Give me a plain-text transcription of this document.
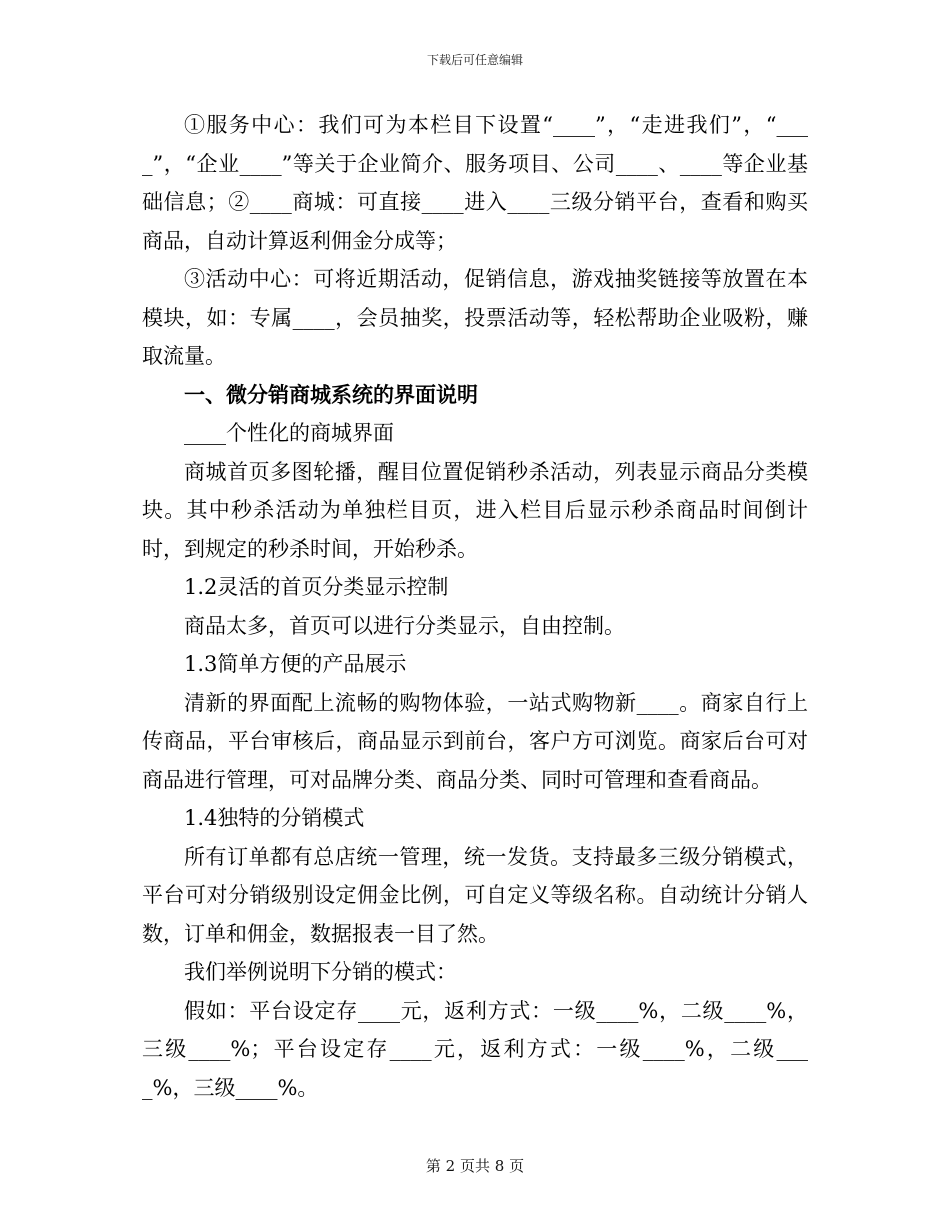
下载后可任意编辑

①服务中心：我们可为本栏目下设置“____”，“走进我们”，“____”，“企业____”等关于企业简介、服务项目、公司____、____等企业基础信息；②____商城：可直接____进入____三级分销平台，查看和购买商品，自动计算返利佣金分成等；

③活动中心：可将近期活动，促销信息，游戏抽奖链接等放置在本模块，如：专属____，会员抽奖，投票活动等，轻松帮助企业吸粉，赚取流量。

一、微分销商城系统的界面说明

____个性化的商城界面

商城首页多图轮播，醒目位置促销秒杀活动，列表显示商品分类模块。其中秒杀活动为单独栏目页，进入栏目后显示秒杀商品时间倒计时，到规定的秒杀时间，开始秒杀。

1.2灵活的首页分类显示控制

商品太多，首页可以进行分类显示，自由控制。

1.3简单方便的产品展示

清新的界面配上流畅的购物体验，一站式购物新____。商家自行上传商品，平台审核后，商品显示到前台，客户方可浏览。商家后台可对商品进行管理，可对品牌分类、商品分类、同时可管理和查看商品。

1.4独特的分销模式

所有订单都有总店统一管理，统一发货。支持最多三级分销模式，平台可对分销级别设定佣金比例，可自定义等级名称。自动统计分销人数，订单和佣金，数据报表一目了然。

我们举例说明下分销的模式：

假如：平台设定存____元，返利方式：一级____%，二级____%，三级____%；平台设定存____元，返利方式：一级____%，二级____%，三级____%。

第 2 页共 8 页
